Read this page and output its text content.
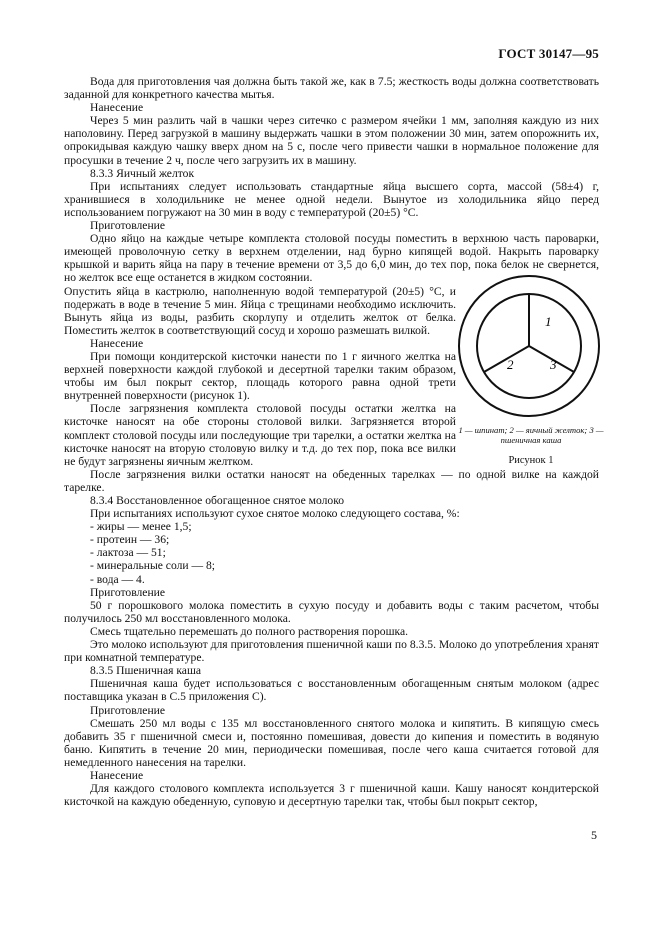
ГОСТ 30147—95

Вода для приготовления чая должна быть такой же, как в 7.5; жесткость воды должна соответствовать заданной для конкретного качества мытья.

Нанесение

Через 5 мин разлить чай в чашки через ситечко с размером ячейки 1 мм, заполняя каждую из них наполовину. Перед загрузкой в машину выдержать чашки в этом положении 30 мин, затем опорожнить их, опрокидывая каждую чашку вверх дном на 5 с, после чего привести чашки в нормальное положение для просушки в течение 2 ч, после чего загрузить их в машину.

8.3.3 Яичный желток

При испытаниях следует использовать стандартные яйца высшего сорта, массой (58±4) г, хранившиеся в холодильнике не менее одной недели. Вынутое из холодильника яйцо перед использованием погружают на 30 мин в воду с температурой (20±5) °С.

Приготовление

Одно яйцо на каждые четыре комплекта столовой посуды поместить в верхнюю часть пароварки, имеющей проволочную сетку в верхнем отделении, над бурно кипящей водой. Накрыть пароварку крышкой и варить яйца на пару в течение времени от 3,5 до 6,0 мин, до тех пор, пока белок не свернется, но желток все еще останется в жидком состоянии.

Опустить яйца в кастрюлю, наполненную водой температурой (20±5) °С, и подержать в воде в течение 5 мин. Яйца с трещинами необходимо исключить. Вынуть яйца из воды, разбить скорлупу и отделить желток от белка. Поместить желток в соответствующий сосуд и хорошо размешать вилкой.

Нанесение

При помощи кондитерской кисточки нанести по 1 г яичного желтка на верхней поверхности каждой глубокой и десертной тарелки таким образом, чтобы им был покрыт сектор, площадь которого равна одной трети внутренней поверхности (рисунок 1).

После загрязнения комплекта столовой посуды остатки желтка на кисточке наносят на обе стороны столовой вилки. Загрязняется второй комплект столовой посуды или последующие три тарелки, а остатки желтка на кисточке наносят на вторую столовую вилку и т.д. до тех пор, пока все вилки не будут загрязнены яичным желтком.

После загрязнения вилки остатки наносят на обеденных тарелках — по одной вилке на каждой тарелке.

8.3.4 Восстановленное обогащенное снятое молоко

При испытаниях используют сухое снятое молоко следующего состава, %:

- жиры — менее 1,5;

- протеин — 36;

- лактоза — 51;

- минеральные соли — 8;

- вода — 4.

Приготовление

50 г порошкового молока поместить в сухую посуду и добавить воды с таким расчетом, чтобы получилось 250 мл восстановленного молока.

Смесь тщательно перемешать до полного растворения порошка.

Это молоко используют для приготовления пшеничной каши по 8.3.5. Молоко до употребления хранят при комнатной температуре.

8.3.5 Пшеничная каша

Пшеничная каша будет использоваться с восстановленным обогащенным снятым молоком (адрес поставщика указан в С.5 приложения С).

Приготовление

Смешать 250 мл воды с 135 мл восстановленного снятого молока и кипятить. В кипящую смесь добавить 35 г пшеничной смеси и, постоянно помешивая, довести до кипения и поместить в водяную баню. Кипятить в течение 20 мин, периодически помешивая, после чего каша считается готовой для немедленного нанесения на тарелки.

Нанесение

Для каждого столового комплекта используется 3 г пшеничной каши. Кашу наносят кондитерской кисточкой на каждую обеденную, суповую и десертную тарелки так, чтобы был покрыт сектор,

1
2	3
1 — шпинат; 2 — яичный желток; 3 — пшеничная каша
Рисунок 1
5
